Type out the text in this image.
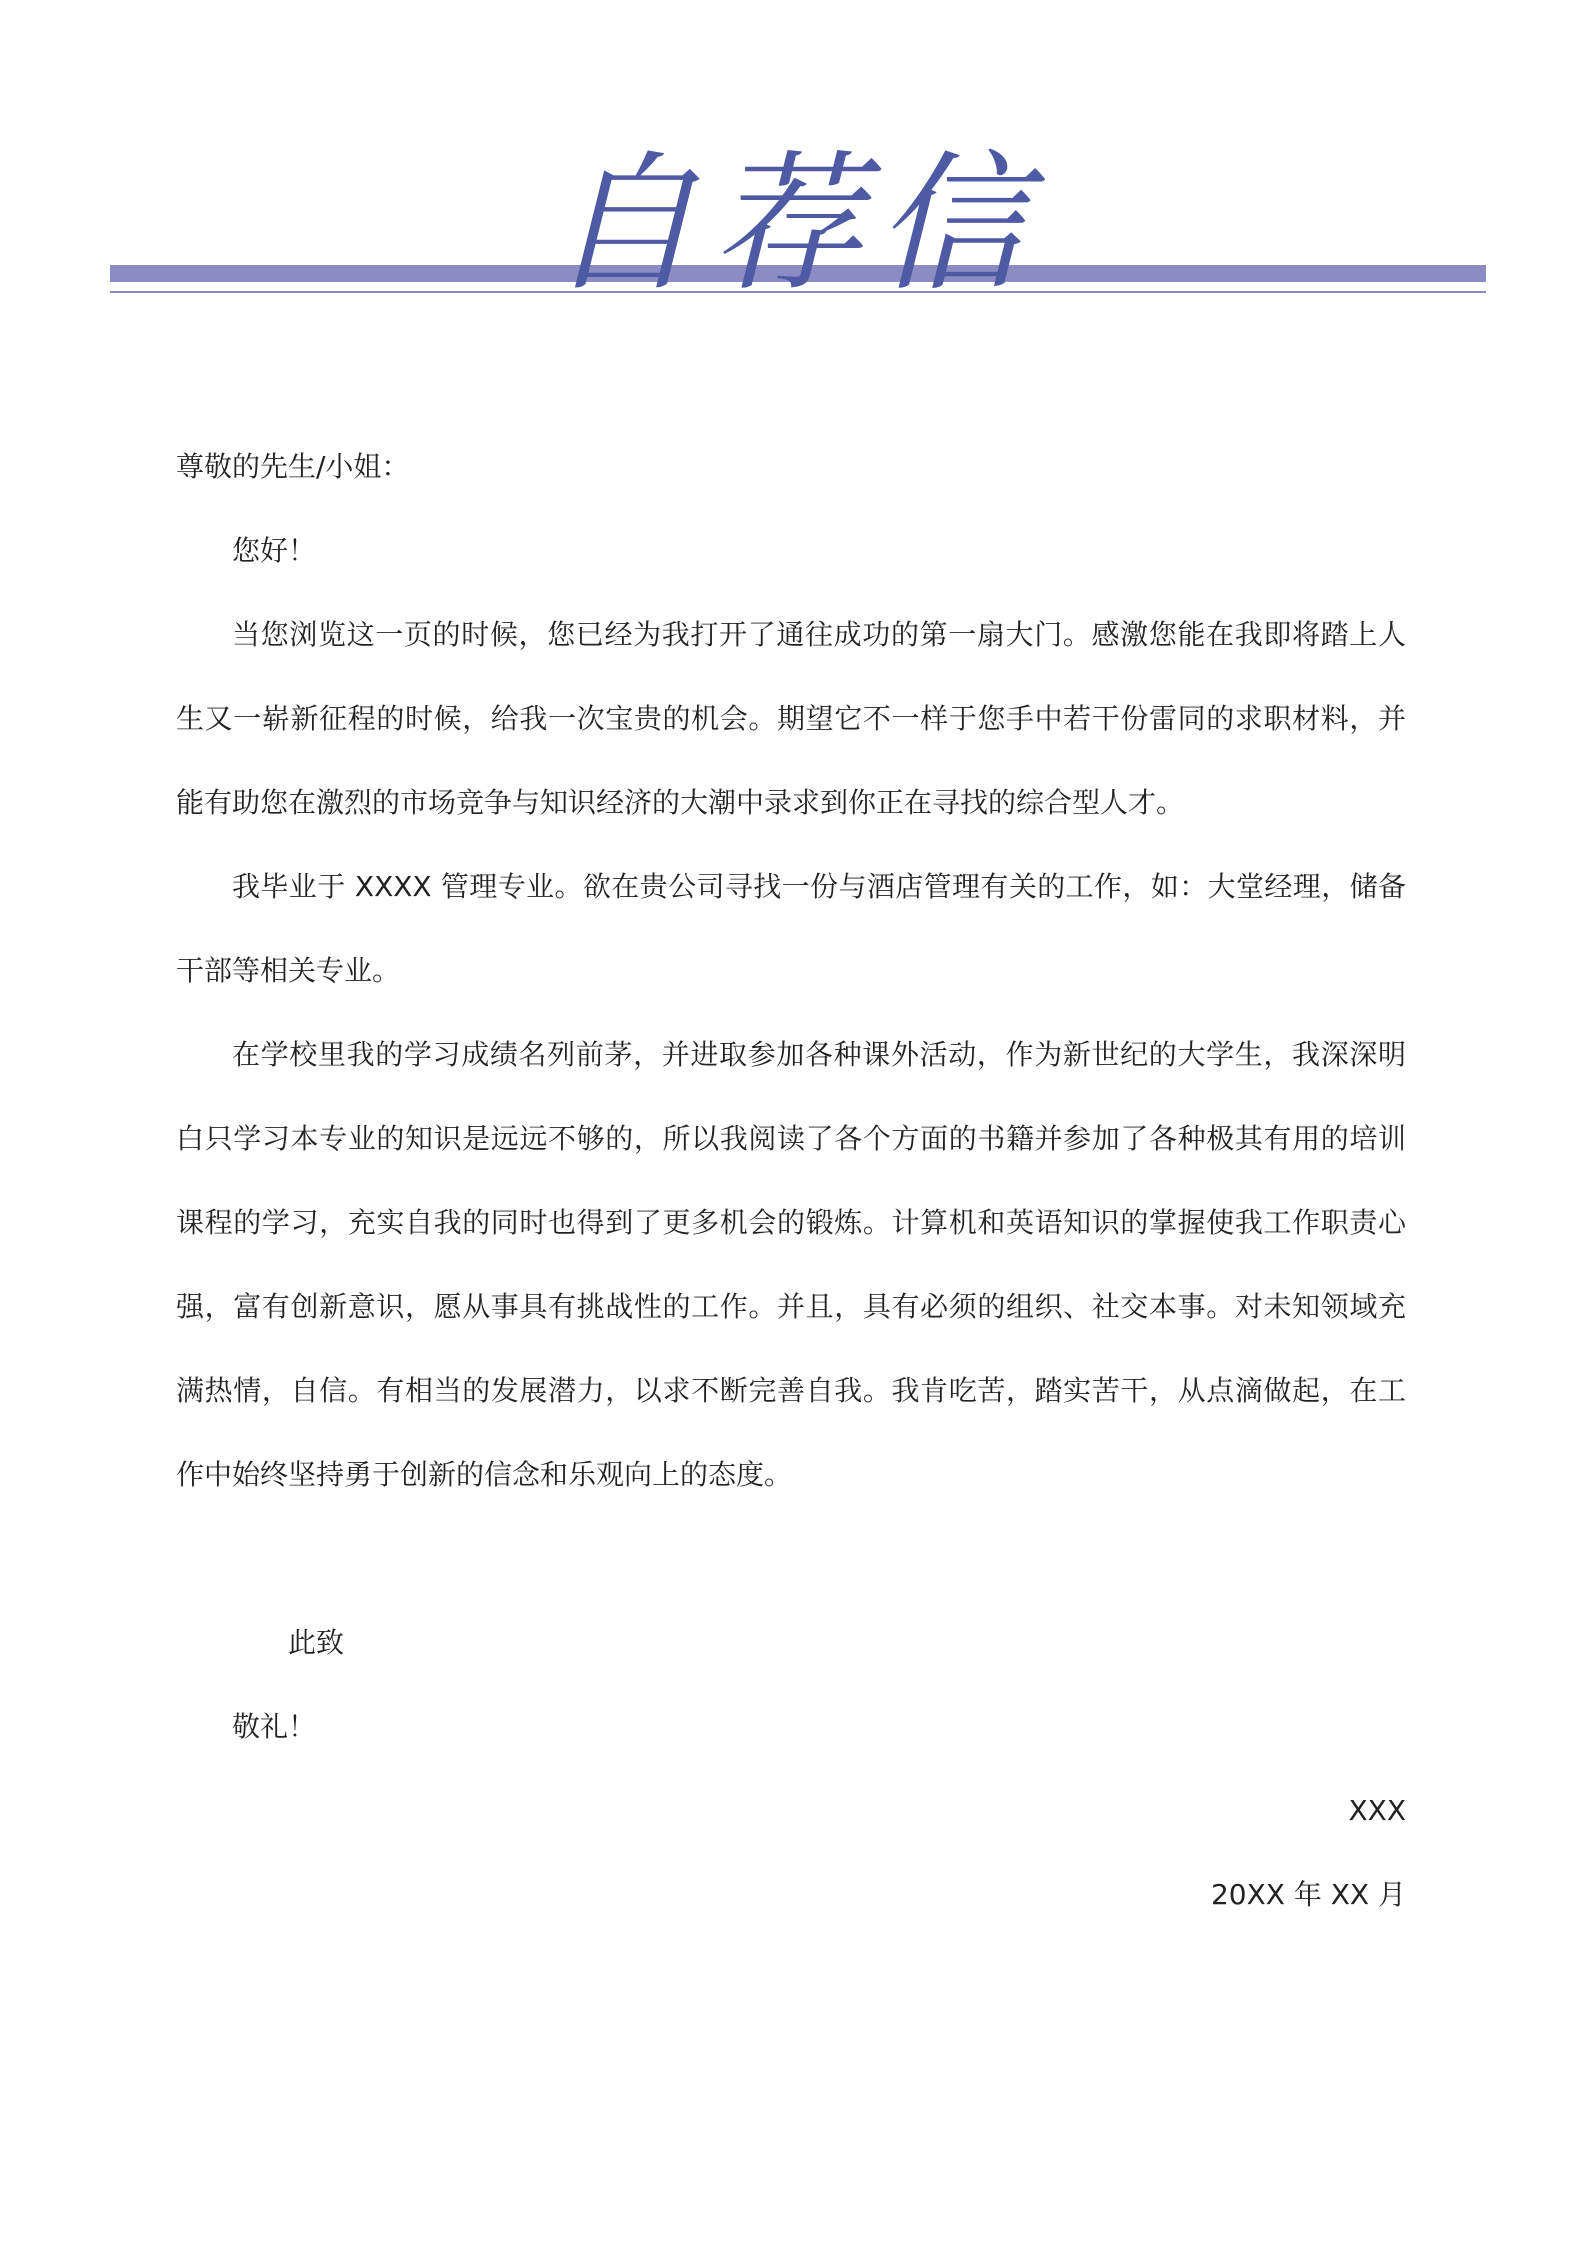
自荐信

尊敬的先生/小姐：

您好！

当您浏览这一页的时候，您已经为我打开了通往成功的第一扇大门。感激您能在我即将踏上人生又一崭新征程的时候，给我一次宝贵的机会。期望它不一样于您手中若干份雷同的求职材料，并能有助您在激烈的市场竞争与知识经济的大潮中录求到你正在寻找的综合型人才。

我毕业于 XXXX 管理专业。欲在贵公司寻找一份与酒店管理有关的工作，如：大堂经理，储备干部等相关专业。

在学校里我的学习成绩名列前茅，并进取参加各种课外活动，作为新世纪的大学生，我深深明白只学习本专业的知识是远远不够的，所以我阅读了各个方面的书籍并参加了各种极其有用的培训课程的学习，充实自我的同时也得到了更多机会的锻炼。计算机和英语知识的掌握使我工作职责心强，富有创新意识，愿从事具有挑战性的工作。并且，具有必须的组织、社交本事。对未知领域充满热情，自信。有相当的发展潜力，以求不断完善自我。我肯吃苦，踏实苦干，从点滴做起，在工作中始终坚持勇于创新的信念和乐观向上的态度。

此致

敬礼！

XXX

20XX 年 XX 月
